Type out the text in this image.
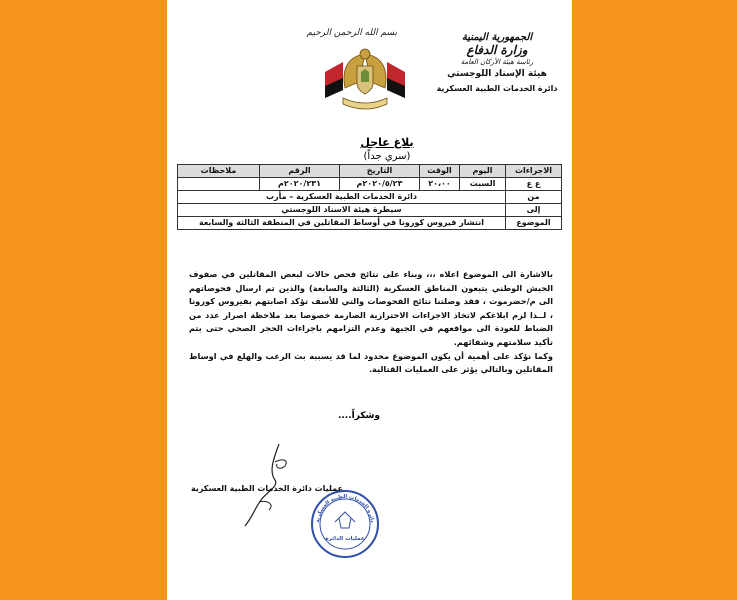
بسم الله الرحمن الرحيم	الجمهورية اليمنية
وزارة الدفاع
رئاسة هيئة الأركان العامة
هيئة الإسناد اللوجستي
دائرة الخدمات الطبية العسكرية
بلاغ عاجل
(سري جداً)
الاجراءات	اليوم	الوقت	التاريخ	الرقم	ملاحظات
ع ع	السبت	٢٠،٠٠	٢٠٢٠/٥/٢٣م	٢٠٢٠/٢٣١م	
من	دائرة الخدمات الطبية العسكرية – مأرب				
إلى	سيطرة هيئة الاسناد اللوجستي				
الموضوع	انتشار فيروس كورونا في أوساط المقاتلين في المنطقة الثالثة والسابعة				

بالاشارة الى الموضوع اعلاه ،،، وبناء على نتائج فحص حالات لبعض المقاتلين في صفوف الجيش الوطني يتبعون المناطق العسكرية (الثالثة والسابعة) والذين تم ارسال فحوصاتهم الى م/حضرموت ، فقد وصلتنا نتائج الفحوصات والتي للأسف تؤكد اصابتهم بفيروس كورونا ، لــذا لزم ابلاغكم لاتخاذ الاجراءات الاحترازية الصارمة خصوصا بعد ملاحظة اصرار عدد من الضباط للعودة الى مواقعهم في الجبهة وعدم التزامهم باجراءات الحجر الصحي حتى يتم تأكيد سلامتهم وشفائهم.

وكما نؤكد على أهمية أن يكون الموضوع محدود لما قد يسببه بث الرعب والهلع في اوساط المقاتلين وبالتالي يؤثر على العمليات القتالية.

وشكراً....
عمليات دائرة الخدمات الطبية العسكرية
دائرة الخدمات الطبية العسكرية
عمليات الدائرة
